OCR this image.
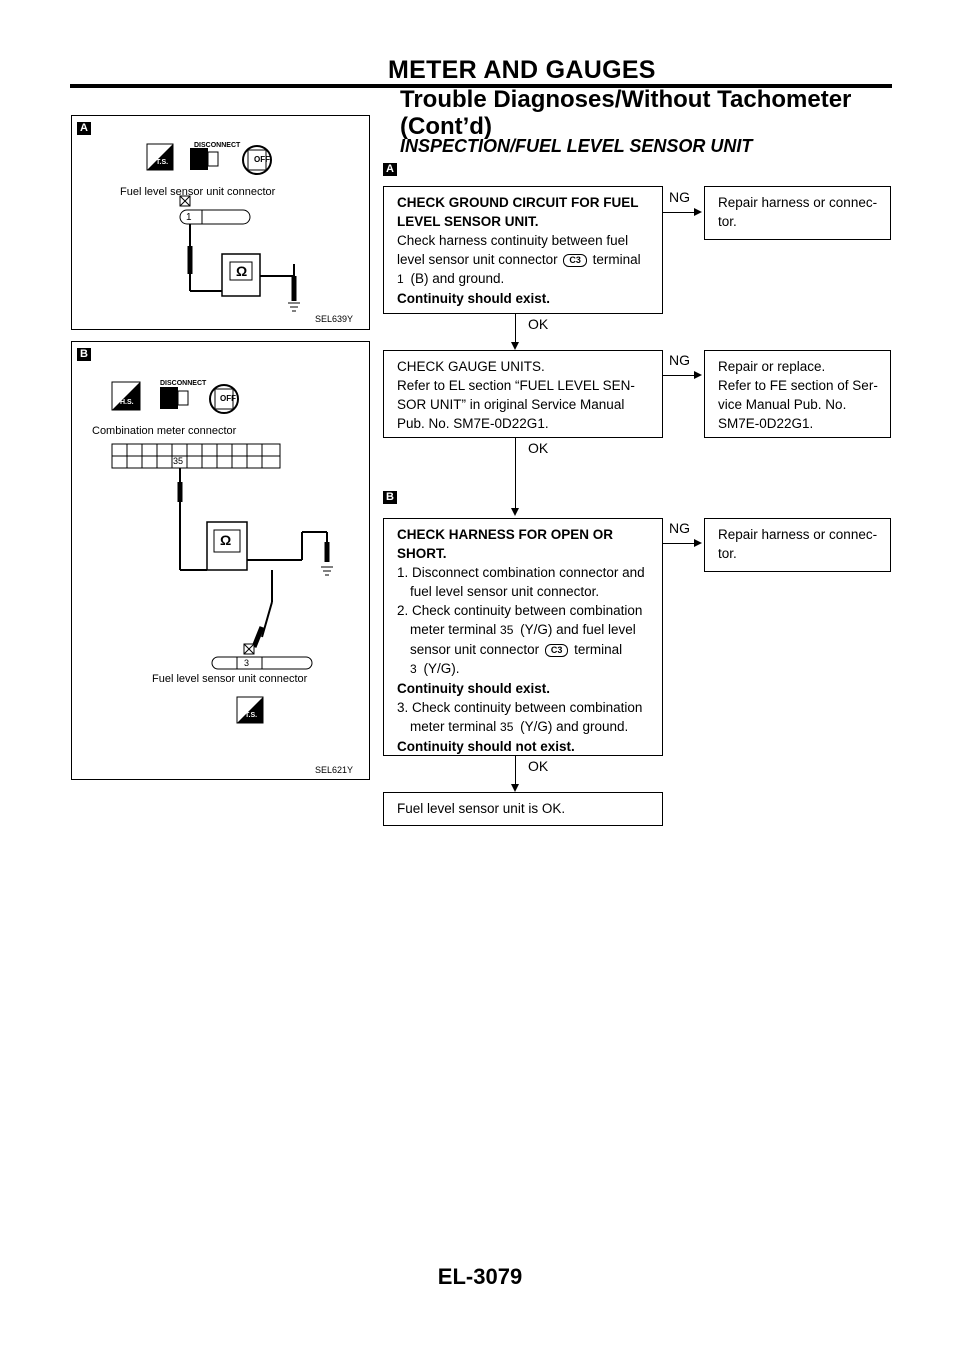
METER AND GAUGES
Trouble Diagnoses/Without Tachometer
(Cont’d)
INSPECTION/FUEL LEVEL SENSOR UNIT
A
DISCONNECT
T.S.	OFF
Fuel level sensor unit connector
1
Ω
SEL639Y
B
DISCONNECT
H.S.	OFF
Combination meter connector
35
Ω
3
Fuel level sensor unit connector
T.S.
SEL621Y
A
CHECK GROUND CIRCUIT FOR FUEL
LEVEL SENSOR UNIT.
Check harness continuity between fuel
level sensor unit connector C3 terminal
1 (B) and ground.
Continuity should exist.
NG Repair harness or connec-
tor.
OK
CHECK GAUGE UNITS.
Refer to EL section “FUEL LEVEL SEN-
SOR UNIT” in original Service Manual
Pub. No. SM7E-0D22G1.
NG Repair or replace.
Refer to FE section of Ser-
vice Manual Pub. No.
SM7E-0D22G1.
OK
B
CHECK HARNESS FOR OPEN OR
SHORT.
1. Disconnect combination connector and
fuel level sensor unit connector.
2. Check continuity between combination
meter terminal 35 (Y/G) and fuel level
sensor unit connector C3 terminal
3 (Y/G).
Continuity should exist.
3. Check continuity between combination
meter terminal 35 (Y/G) and ground.
Continuity should not exist.
NG Repair harness or connec-
tor.
OK
Fuel level sensor unit is OK.
EL-3079
